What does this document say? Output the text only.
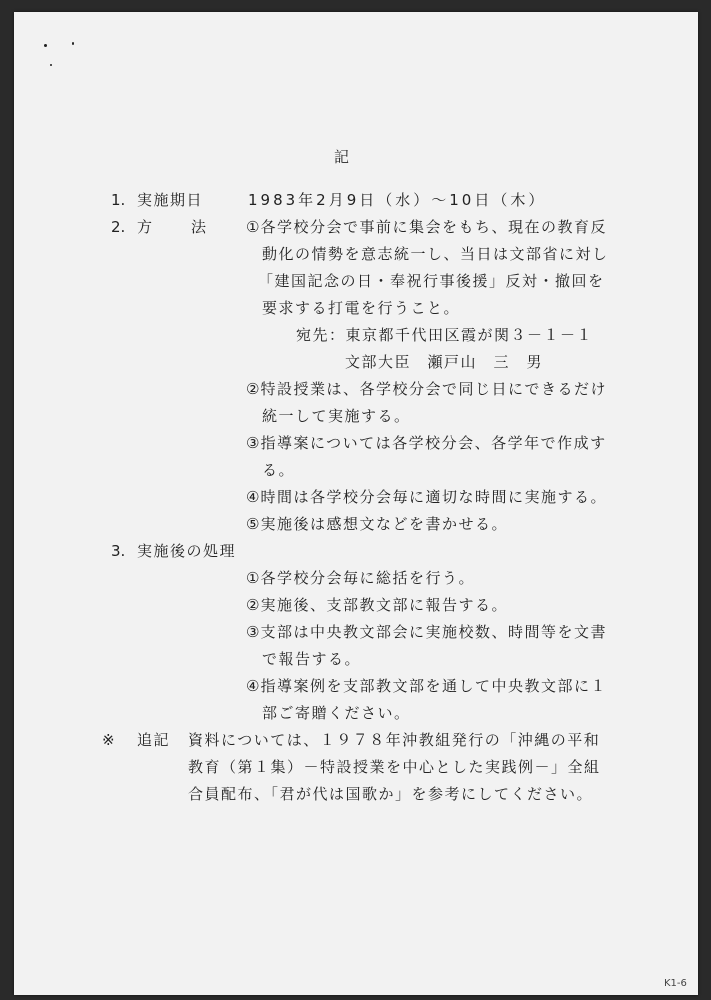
記
1. 実施期日	1983年2月9日（水）～10日（木）
2. 方　法 ①各学校分会で事前に集会をもち、現在の教育反
動化の情勢を意志統一し、当日は文部省に対し
「建国記念の日・奉祝行事後援」反対・撤回を
要求する打電を行うこと。
宛先：東京都千代田区霞が関３－１－１
文部大臣　瀬戸山　三　男
②特設授業は、各学校分会で同じ日にできるだけ
統一して実施する。
③指導案については各学校分会、各学年で作成す
る。
④時間は各学校分会毎に適切な時間に実施する。
⑤実施後は感想文などを書かせる。
3. 実施後の処理
①各学校分会毎に総括を行う。
②実施後、支部教文部に報告する。
③支部は中央教文部会に実施校数、時間等を文書
で報告する。
④指導案例を支部教文部を通して中央教文部に１
部ご寄贈ください。
※ 追記 資料については、１９７８年沖教組発行の「沖縄の平和
教育（第１集）－特設授業を中心とした実践例－」全組
合員配布、「君が代は国歌か」を参考にしてください。
K1-6
